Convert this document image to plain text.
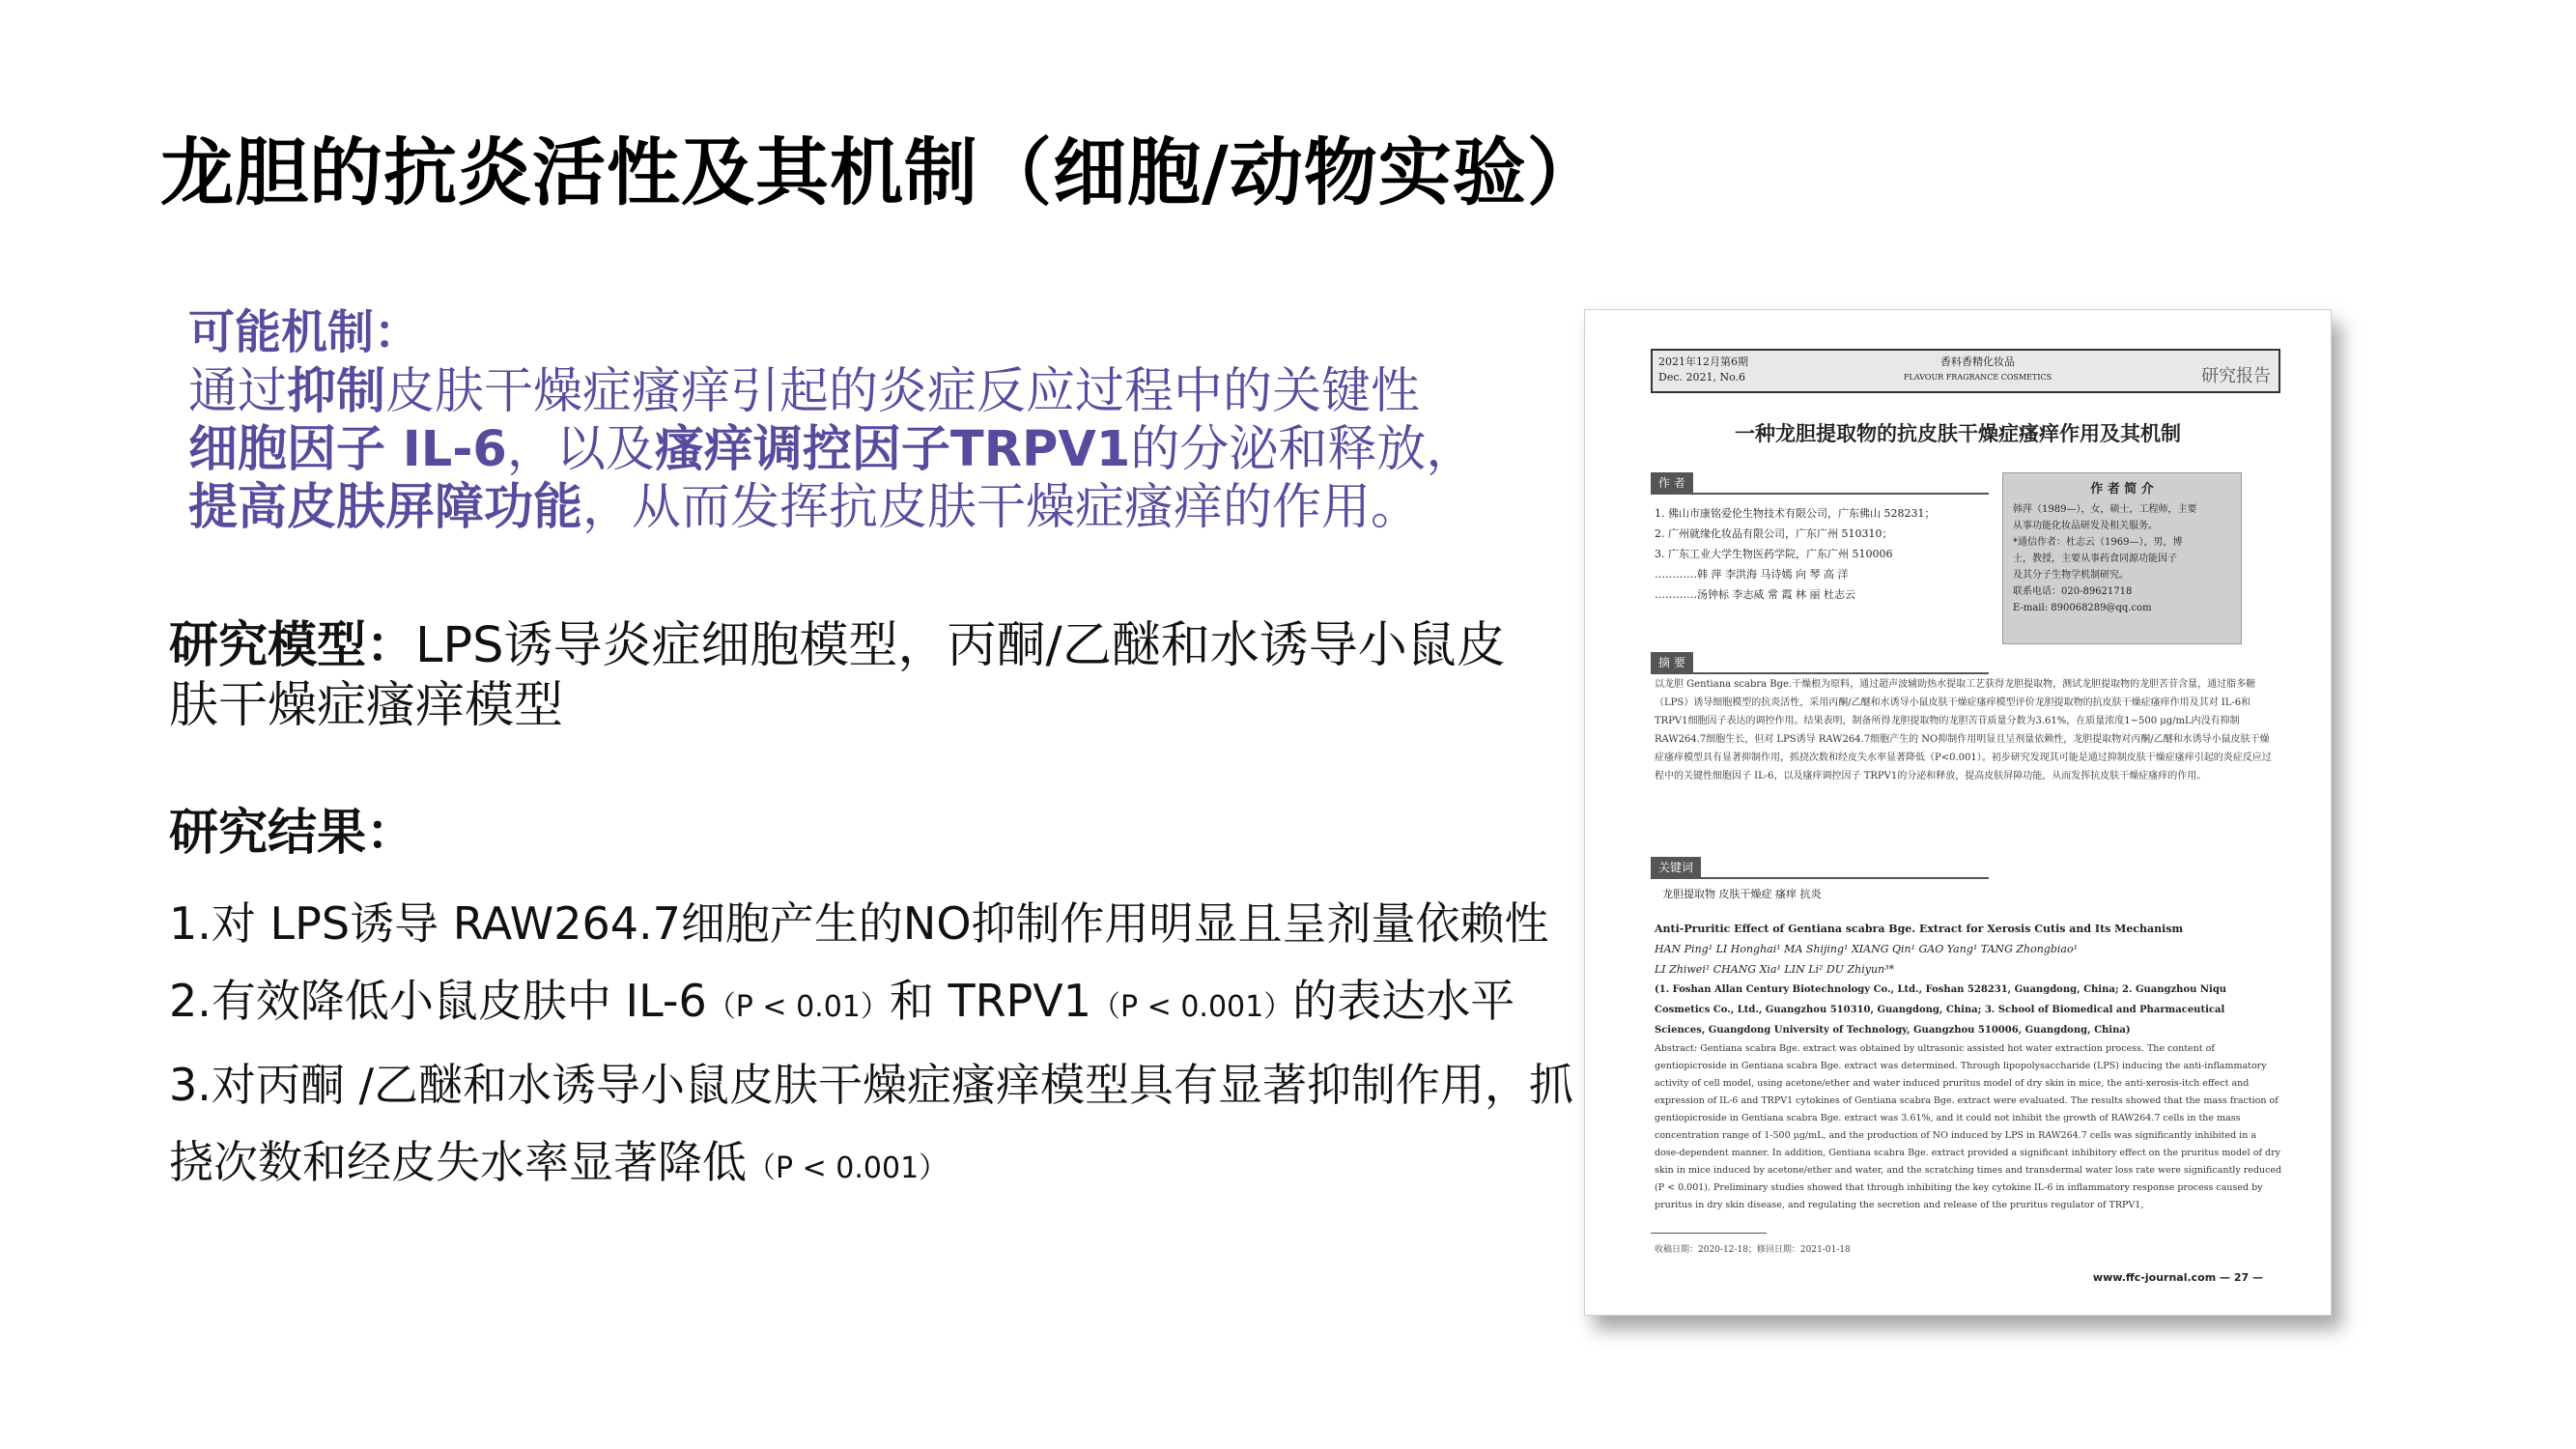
龙胆的抗炎活性及其机制（细胞/动物实验）
可能机制：
通过抑制皮肤干燥症瘙痒引起的炎症反应过程中的关键性
细胞因子 IL-6，以及瘙痒调控因子TRPV1的分泌和释放，
提高皮肤屏障功能，从而发挥抗皮肤干燥症瘙痒的作用。
研究模型：LPS诱导炎症细胞模型，丙酮/乙醚和水诱导小鼠皮
肤干燥症瘙痒模型
研究结果：
1.对 LPS诱导 RAW264.7细胞产生的NO抑制作用明显且呈剂量依赖性
2.有效降低小鼠皮肤中 IL-6（P < 0.01）和 TRPV1（P < 0.001）的表达水平
3.对丙酮 /乙醚和水诱导小鼠皮肤干燥症瘙痒模型具有显著抑制作用，抓
挠次数和经皮失水率显著降低（P < 0.001）
2021年12月第6期
Dec. 2021, No.6
香料香精化妆品
FLAVOUR FRAGRANCE COSMETICS	研究报告
一种龙胆提取物的抗皮肤干燥症瘙痒作用及其机制
作 者
1. 佛山市康铭爱伦生物技术有限公司，广东佛山 528231；
2. 广州就缘化妆品有限公司，广东广州 510310；
3. 广东工业大学生物医药学院，广东广州 510006
…………韩 萍 李洪海 马诗嫣 向 琴 高 洋
…………汤钟标 李志威 常 霞 林 丽 杜志云
作 者 简 介
韩萍（1989—），女，硕士，工程师，主要
从事功能化妆品研发及相关服务。
*通信作者：杜志云（1969—），男，博
士，教授，主要从事药食同源功能因子
及其分子生物学机制研究。
联系电话：020-89621718
E-mail: 890068289@qq.com
摘 要
以龙胆 Gentiana scabra Bge.干燥根为原料，通过超声波辅助热水提取工艺获得龙胆提取物，测试龙胆提取物的龙胆苦苷含量，通过脂多糖（LPS）诱导细胞模型的抗炎活性，采用丙酮/乙醚和水诱导小鼠皮肤干燥症瘙痒模型评价龙胆提取物的抗皮肤干燥症瘙痒作用及其对 IL-6和 TRPV1细胞因子表达的调控作用。结果表明，制备所得龙胆提取物的龙胆苦苷质量分数为3.61%，在质量浓度1~500 μg/mL内没有抑制 RAW264.7细胞生长，但对 LPS诱导 RAW264.7细胞产生的 NO抑制作用明显且呈剂量依赖性，龙胆提取物对丙酮/乙醚和水诱导小鼠皮肤干燥症瘙痒模型具有显著抑制作用，抓挠次数和经皮失水率显著降低（P<0.001）。初步研究发现其可能是通过抑制皮肤干燥症瘙痒引起的炎症反应过程中的关键性细胞因子 IL-6，以及瘙痒调控因子 TRPV1的分泌和释放，提高皮肤屏障功能，从而发挥抗皮肤干燥症瘙痒的作用。
关键词
龙胆提取物 皮肤干燥症 瘙痒 抗炎
Anti-Pruritic Effect of Gentiana scabra Bge. Extract for Xerosis Cutis and Its Mechanism
HAN Ping¹ LI Honghai¹ MA Shijing¹ XIANG Qin¹ GAO Yang¹ TANG Zhongbiao¹
LI Zhiwei¹ CHANG Xia¹ LIN Li² DU Zhiyun³*
(1. Foshan Allan Century Biotechnology Co., Ltd., Foshan 528231, Guangdong, China; 2. Guangzhou Niqu
Cosmetics Co., Ltd., Guangzhou 510310, Guangdong, China; 3. School of Biomedical and Pharmaceutical
Sciences, Guangdong University of Technology, Guangzhou 510006, Guangdong, China)
Abstract: Gentiana scabra Bge. extract was obtained by ultrasonic assisted hot water extraction process. The content of gentiopicroside in Gentiana scabra Bge. extract was determined. Through lipopolysaccharide (LPS) inducing the anti-inflammatory activity of cell model, using acetone/ether and water induced pruritus model of dry skin in mice, the anti-xerosis-itch effect and expression of IL-6 and TRPV1 cytokines of Gentiana scabra Bge. extract were evaluated. The results showed that the mass fraction of gentiopicroside in Gentiana scabra Bge. extract was 3.61%, and it could not inhibit the growth of RAW264.7 cells in the mass concentration range of 1-500 μg/mL, and the production of NO induced by LPS in RAW264.7 cells was significantly inhibited in a dose-dependent manner. In addition, Gentiana scabra Bge. extract provided a significant inhibitory effect on the pruritus model of dry skin in mice induced by acetone/ether and water, and the scratching times and transdermal water loss rate were significantly reduced (P < 0.001). Preliminary studies showed that through inhibiting the key cytokine IL-6 in inflammatory response process caused by pruritus in dry skin disease, and regulating the secretion and release of the pruritus regulator of TRPV1,
收稿日期：2020-12-18；修回日期：2021-01-18
www.ffc-journal.com — 27 —
